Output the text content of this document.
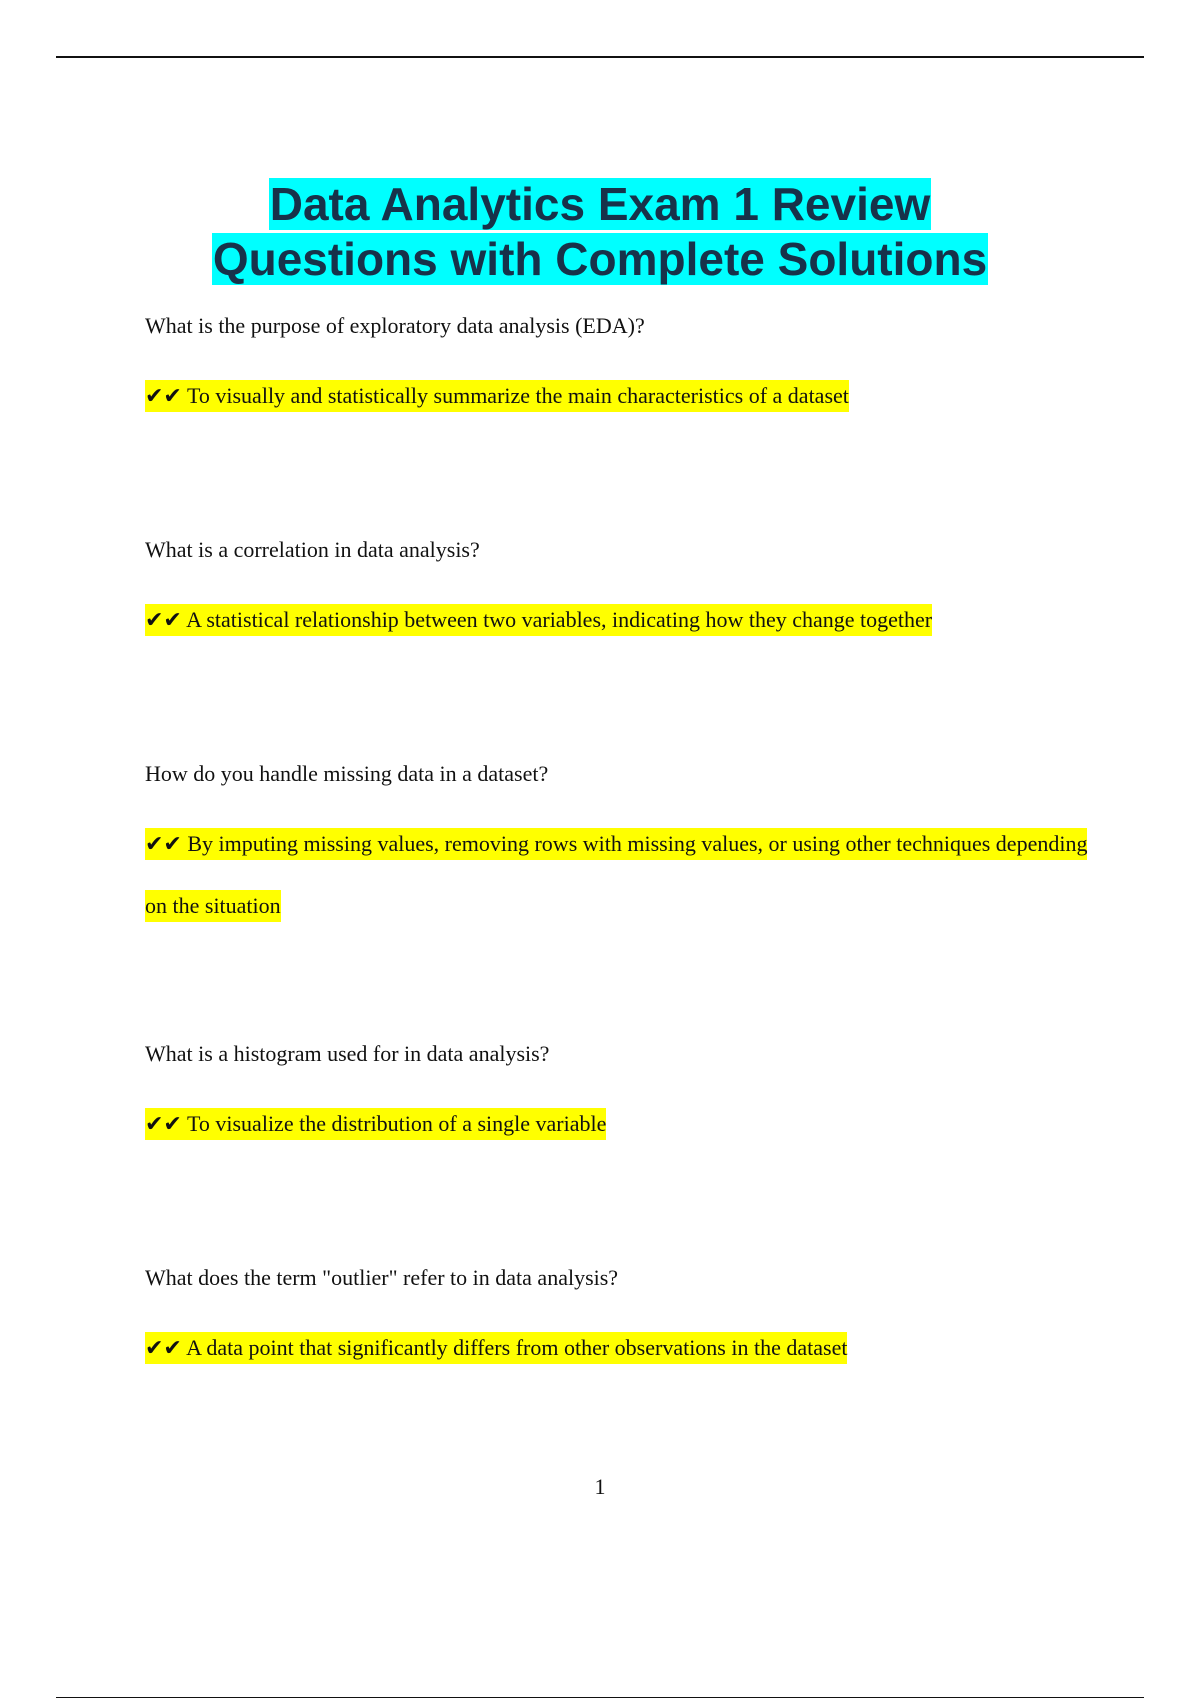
Data Analytics Exam 1 Review
Questions with Complete Solutions

What is the purpose of exploratory data analysis (EDA)?

✔✔ To visually and statistically summarize the main characteristics of a dataset

What is a correlation in data analysis?

✔✔ A statistical relationship between two variables, indicating how they change together

How do you handle missing data in a dataset?

✔✔ By imputing missing values, removing rows with missing values, or using other techniques depending on the situation

What is a histogram used for in data analysis?

✔✔ To visualize the distribution of a single variable

What does the term "outlier" refer to in data analysis?

✔✔ A data point that significantly differs from other observations in the dataset

1
